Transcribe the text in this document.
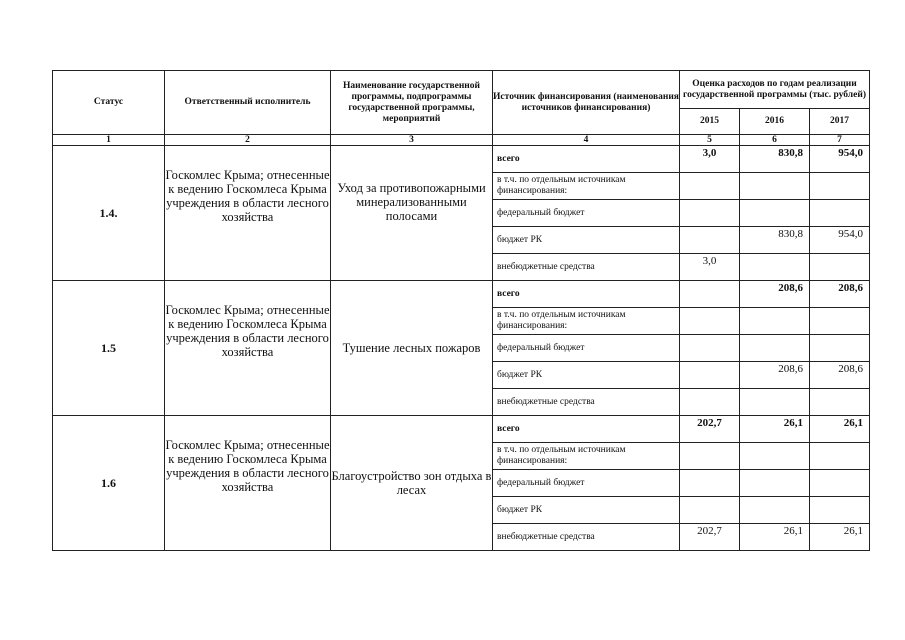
Статус	Ответственный исполнитель	Наименование государственной программы, подпрограммы государственной программы, мероприятий	Источник финансирования (наименования источников финансирования)	Оценка расходов по годам реализации государственной программы (тыс. рублей)		
				2015	2016	2017
1	2	3	4	5	6	7
1.4.	Госкомлес Крыма; отнесенные к ведению Госкомлеса Крыма учреждения в области лесного хозяйства	Уход за противопожарными минерализованными полосами	всего	3,0	830,8	954,0
			в т.ч. по отдельным источникам финансирования:			
			федеральный бюджет			
			бюджет РК		830,8	954,0
			внебюджетные средства	3,0		
1.5	Госкомлес Крыма; отнесенные к ведению Госкомлеса Крыма учреждения в области лесного хозяйства	Тушение лесных пожаров	всего		208,6	208,6
			в т.ч. по отдельным источникам финансирования:			
			федеральный бюджет			
			бюджет РК		208,6	208,6
			внебюджетные средства			
1.6	Госкомлес Крыма; отнесенные к ведению Госкомлеса Крыма учреждения в области лесного хозяйства	Благоустройство зон отдыха в лесах	всего	202,7	26,1	26,1
			в т.ч. по отдельным источникам финансирования:			
			федеральный бюджет			
			бюджет РК			
			внебюджетные средства	202,7	26,1	26,1
